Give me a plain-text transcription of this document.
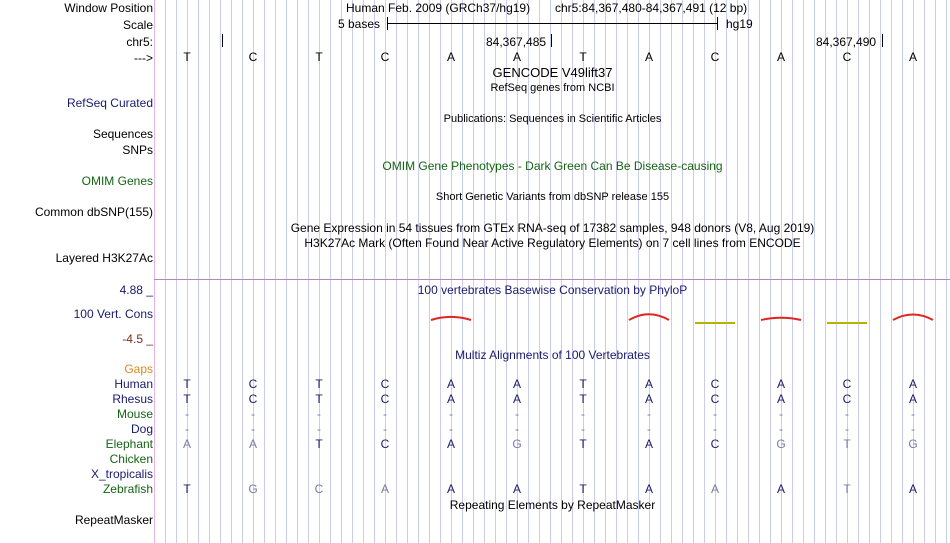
Window Position	Human Feb. 2009 (GRCh37/hg19) chr5:84,367,480-84,367,491 (12 bp)
Scale	5 bases	hg19
chr5:	84,367,485	84,367,490
--->	T	C	T	C	A	A	T	A	C	A	C	A
GENCODE V49lift37
RefSeq genes from NCBI
RefSeq Curated
Publications: Sequences in Scientific Articles
Sequences
SNPs
OMIM Gene Phenotypes - Dark Green Can Be Disease-causing
OMIM Genes
Short Genetic Variants from dbSNP release 155
Common dbSNP(155)
Gene Expression in 54 tissues from GTEx RNA-seq of 17382 samples, 948 donors (V8, Aug 2019)
H3K27Ac Mark (Often Found Near Active Regulatory Elements) on 7 cell lines from ENCODE
Layered H3K27Ac
4.88 _	100 vertebrates Basewise Conservation by PhyloP
100 Vert. Cons
-4.5 _
Multiz Alignments of 100 Vertebrates
Gaps
Human	T	C	T	C	A	A	T	A	C	A	C	A
Rhesus	T	C	T	C	A	A	T	A	C	A	C	A
Mouse	-	-	-	-	-	-	-	-	-	-	-	-
Dog	-	-	-	-	-	-	-	-	-	-	-	-
Elephant	A	A	T	C	A	G	T	A	C	G	T	G
Chicken
X_tropicalis
Zebrafish	T	G	C	A	A	A	T	A	A	A	T	A
Repeating Elements by RepeatMasker
RepeatMasker
